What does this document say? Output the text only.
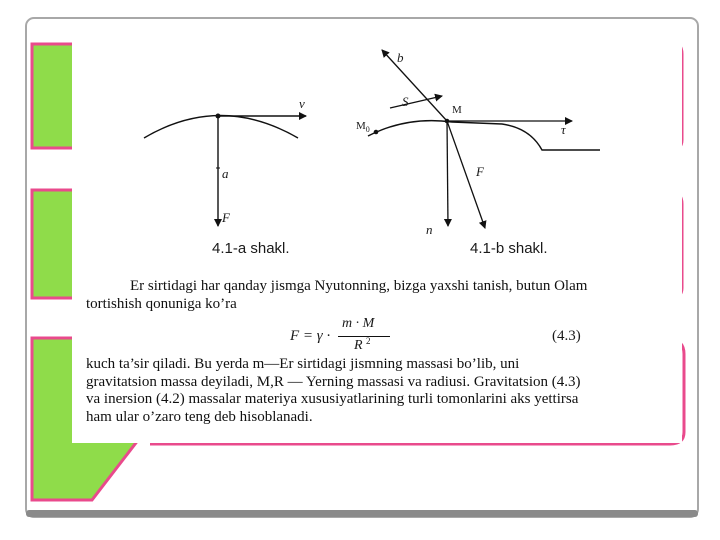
v
a
F
b
S
M
$M_0$	τ
F
n
4.1-a shakl.	4.1-b shakl.
Er sirtidagi har qanday jismga Nyutonning, bizga yaxshi tanish, butun Olam
tortishish qonuniga ko’ra
F = γ ·
m · M
R 2	(4.3)
kuch ta’sir qiladi. Bu yerda m—Er sirtidagi jismning massasi bo’lib, uni
gravitatsion massa deyiladi, M,R — Yerning massasi va radiusi. Gravitatsion (4.3)
va inersion (4.2) massalar materiya xususiyatlarining turli tomonlarini aks yettirsa
ham ular o’zaro teng deb hisoblanadi.
